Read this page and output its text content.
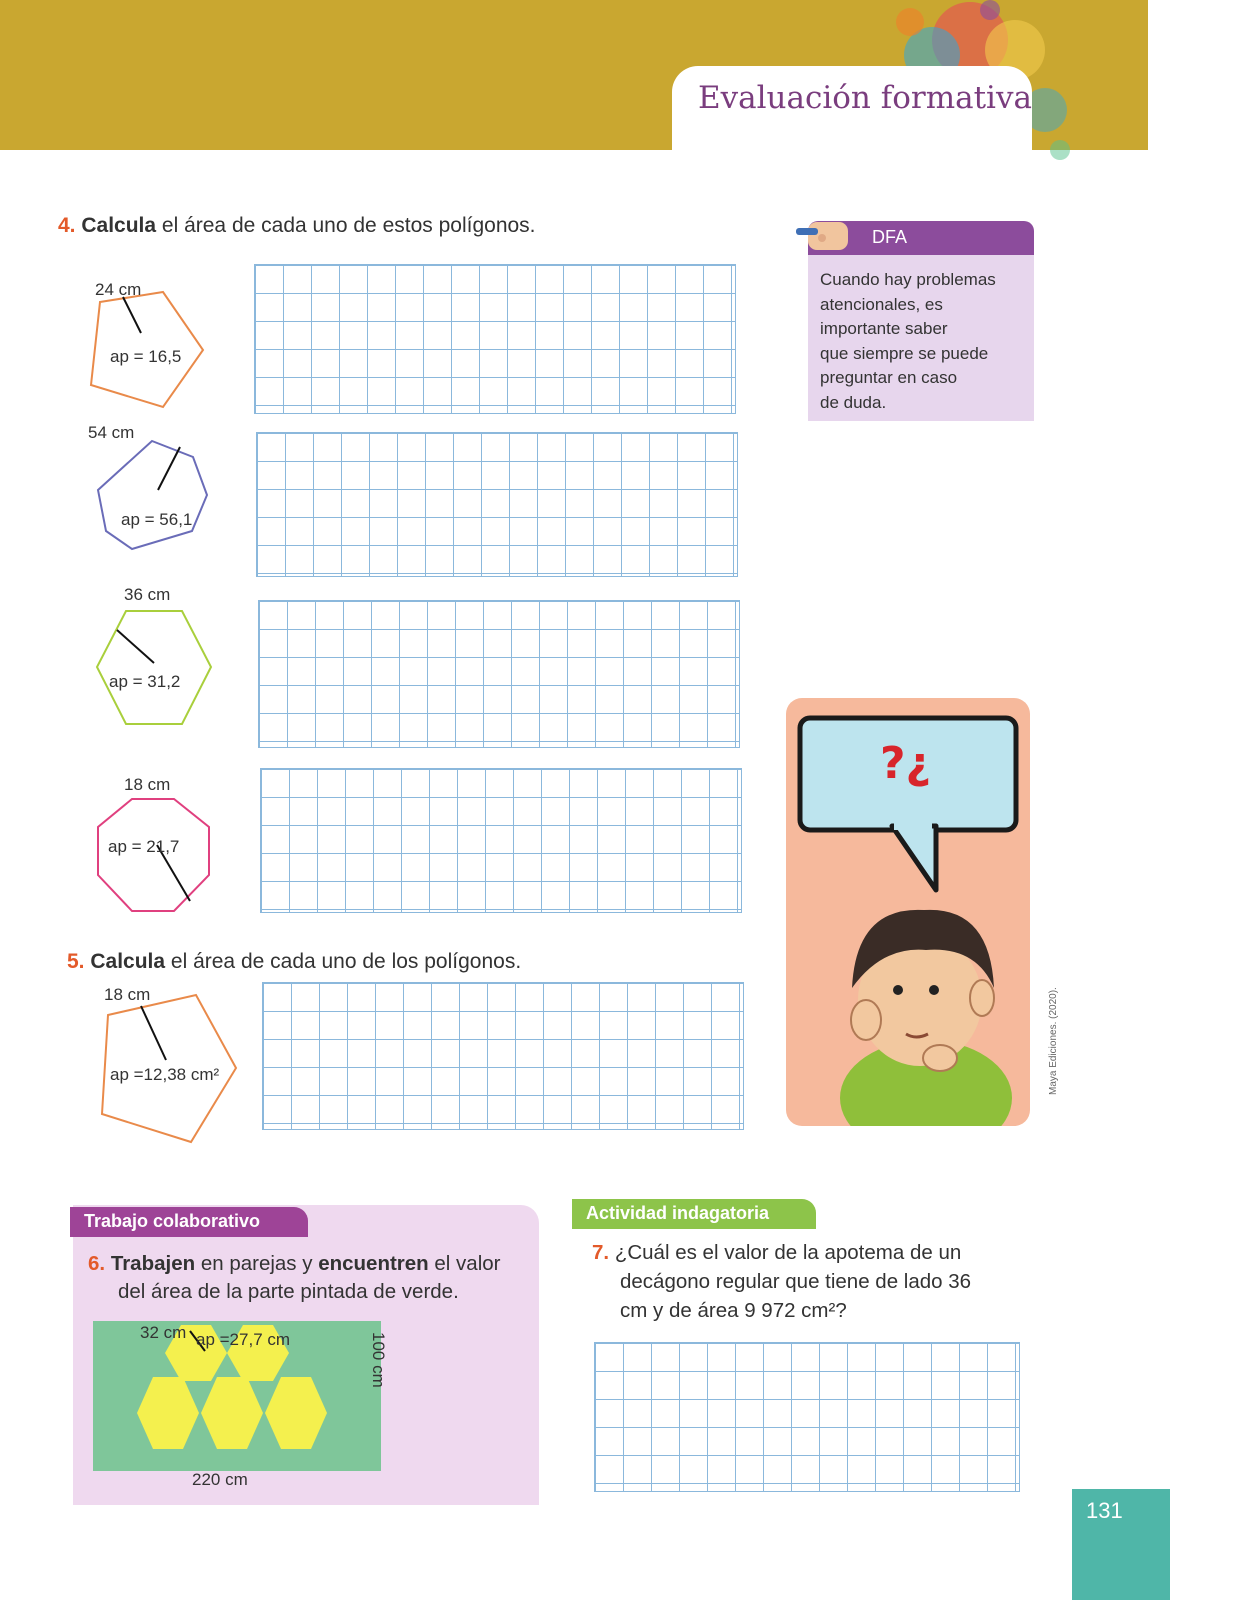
Evaluación formativa
4. Calcula el área de cada uno de estos polígonos.
24 cm
ap = 16,5
54 cm
ap = 56,1
36 cm
ap = 31,2
18 cm
ap = 21,7
5. Calcula el área de cada uno de los polígonos.
18 cm
ap =12,38 cm²
DFA
Cuando hay problemas
atencionales, es
importante saber
que siempre se puede
preguntar en caso
de duda.
?¿
Maya Ediciones. (2020).
Trabajo colaborativo
6. Trabajen en parejas y encuentren el valor
del área de la parte pintada de verde.
32 cm ap =27,7 cm	100 cm
220 cm
Actividad indagatoria
7. ¿Cuál es el valor de la apotema de un
decágono regular que tiene de lado 36
cm y de área 9 972 cm²?
131
